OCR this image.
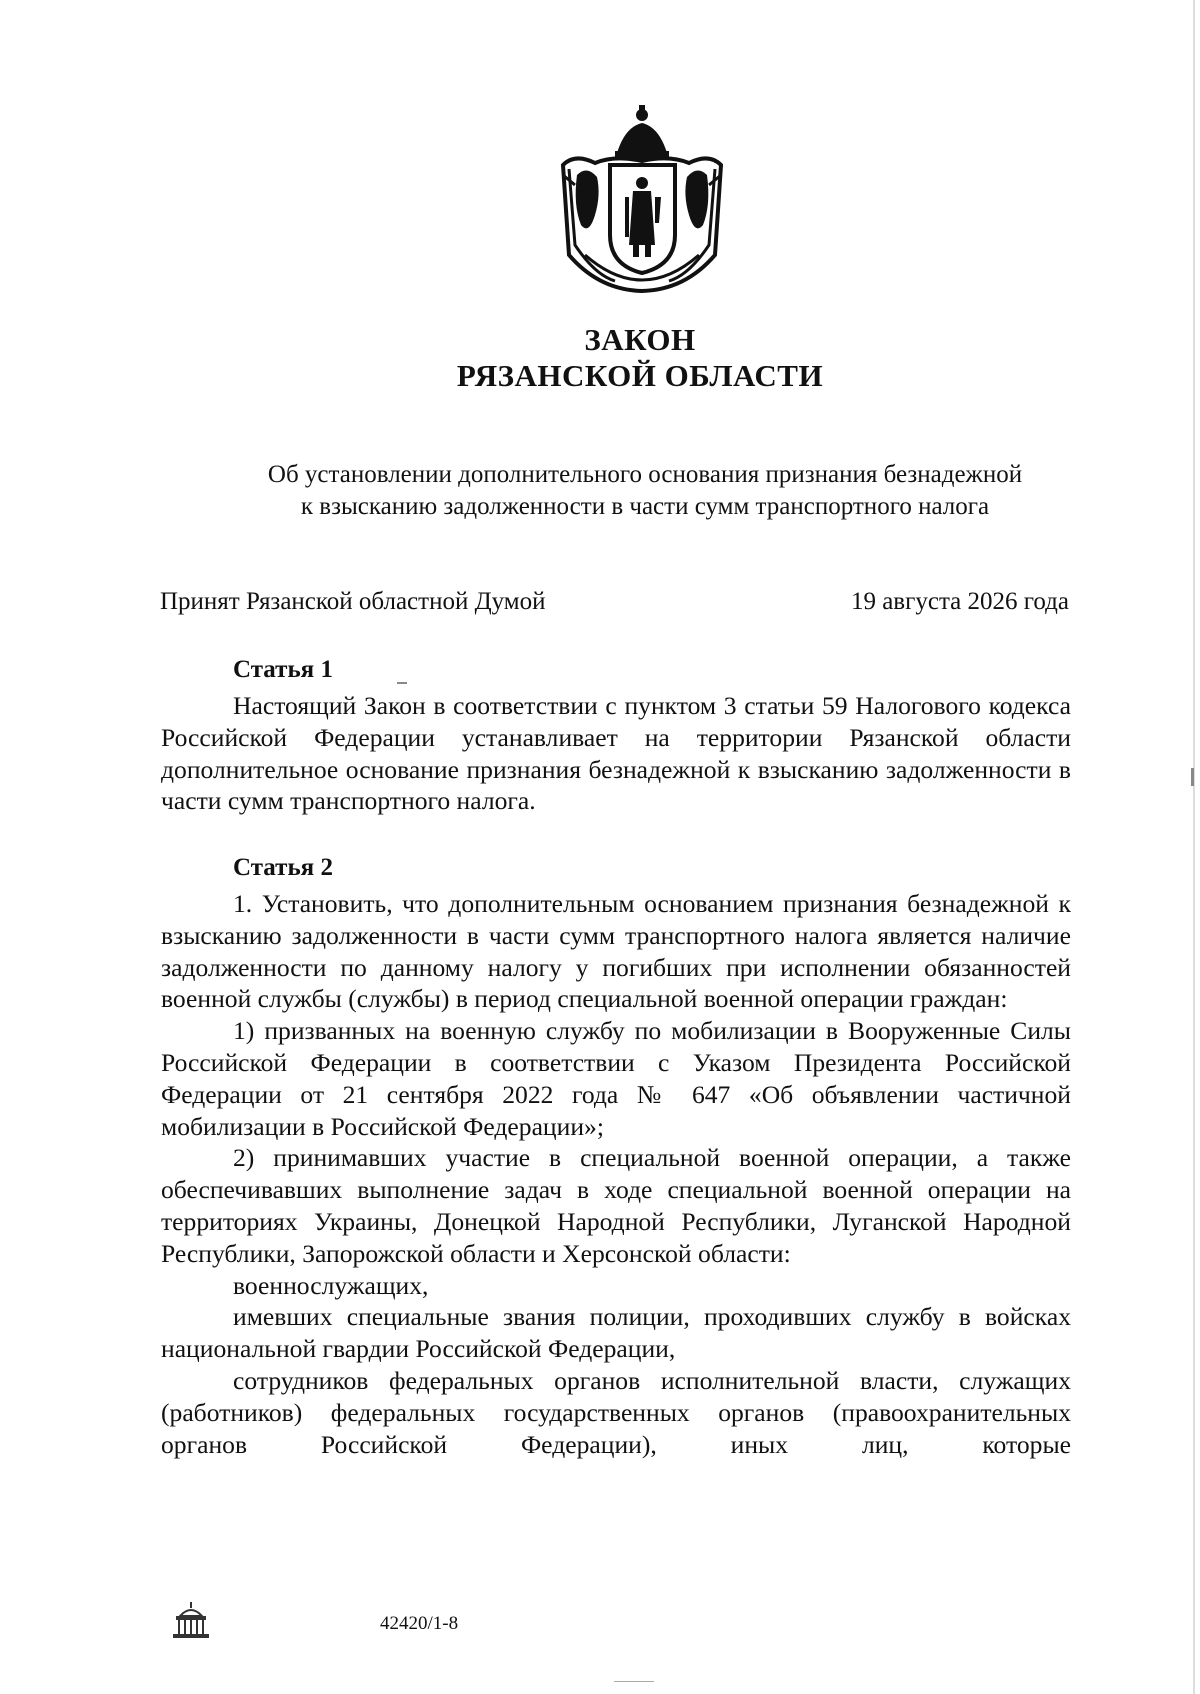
ЗАКОН
РЯЗАНСКОЙ ОБЛАСТИ
Об установлении дополнительного основания признания безнадежной
к взысканию задолженности в части сумм транспортного налога
Принят Рязанской областной Думой	19 августа 2026 года
Статья 1

Настоящий Закон в соответствии с пунктом 3 статьи 59 Налогового кодекса Российской Федерации устанавливает на территории Рязанской области дополнительное основание признания безнадежной к взысканию задолженности в части сумм транспортного налога.

Статья 2

1. Установить, что дополнительным основанием признания безнадежной к взысканию задолженности в части сумм транспортного налога является наличие задолженности по данному налогу у погибших при исполнении обязанностей военной службы (службы) в период специальной военной операции граждан:

1) призванных на военную службу по мобилизации в Вооруженные Силы Российской Федерации в соответствии с Указом Президента Российской Федерации от 21 сентября 2022 года № 647 «Об объявлении частичной мобилизации в Российской Федерации»;

2) принимавших участие в специальной военной операции, а также обеспечивавших выполнение задач в ходе специальной военной операции на территориях Украины, Донецкой Народной Республики, Луганской Народной Республики, Запорожской области и Херсонской области:

военнослужащих,

имевших специальные звания полиции, проходивших службу в войсках национальной гвардии Российской Федерации,

сотрудников федеральных органов исполнительной власти, служащих (работников) федеральных государственных органов (правоохранительных органов Российской Федерации), иных лиц, которые

42420/1-8
